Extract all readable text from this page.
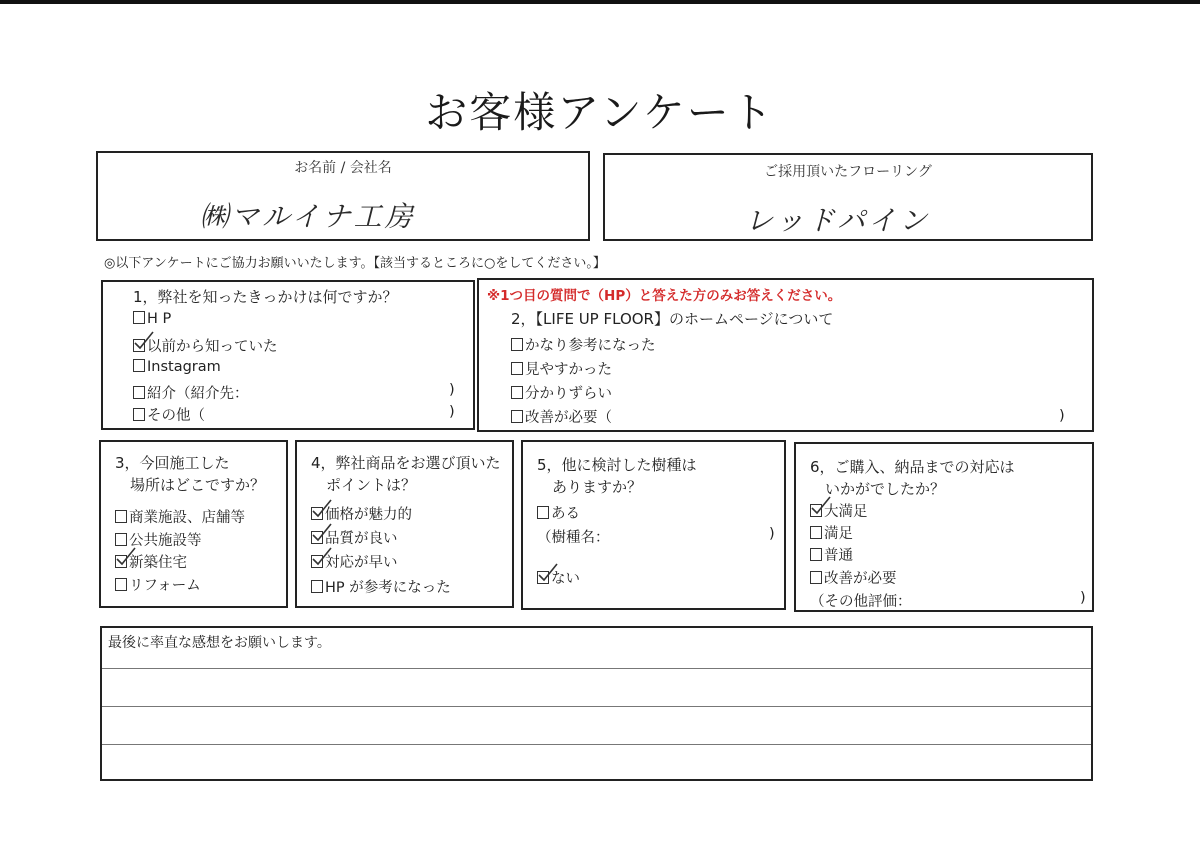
お客様アンケート
お名前 / 会社名
㈱マルイナ工房
ご採用頂いたフローリング
レッドパイン
◎以下アンケートにご協力お願いいたします。【該当するところに○をしてください。】
1，弊社を知ったきっかけは何ですか？
H P
以前から知っていた
Instagram
紹介（紹介先：	)
その他（	)
※1つ目の質問で（HP）と答えた方のみお答えください。
2，【LIFE UP FLOOR】のホームページについて
かなり参考になった
見やすかった
分かりずらい
改善が必要（	)
3，今回施工した
　場所はどこですか？
商業施設、店舗等
公共施設等
新築住宅
リフォーム
4，弊社商品をお選び頂いた
　ポイントは？
価格が魅力的
品質が良い
対応が早い
HP が参考になった
5，他に検討した樹種は
　ありますか？
ある
（樹種名：	)
ない
6，ご購入、納品までの対応は
　いかがでしたか？
大満足
満足
普通
改善が必要
（その他評価：	)
最後に率直な感想をお願いします。
